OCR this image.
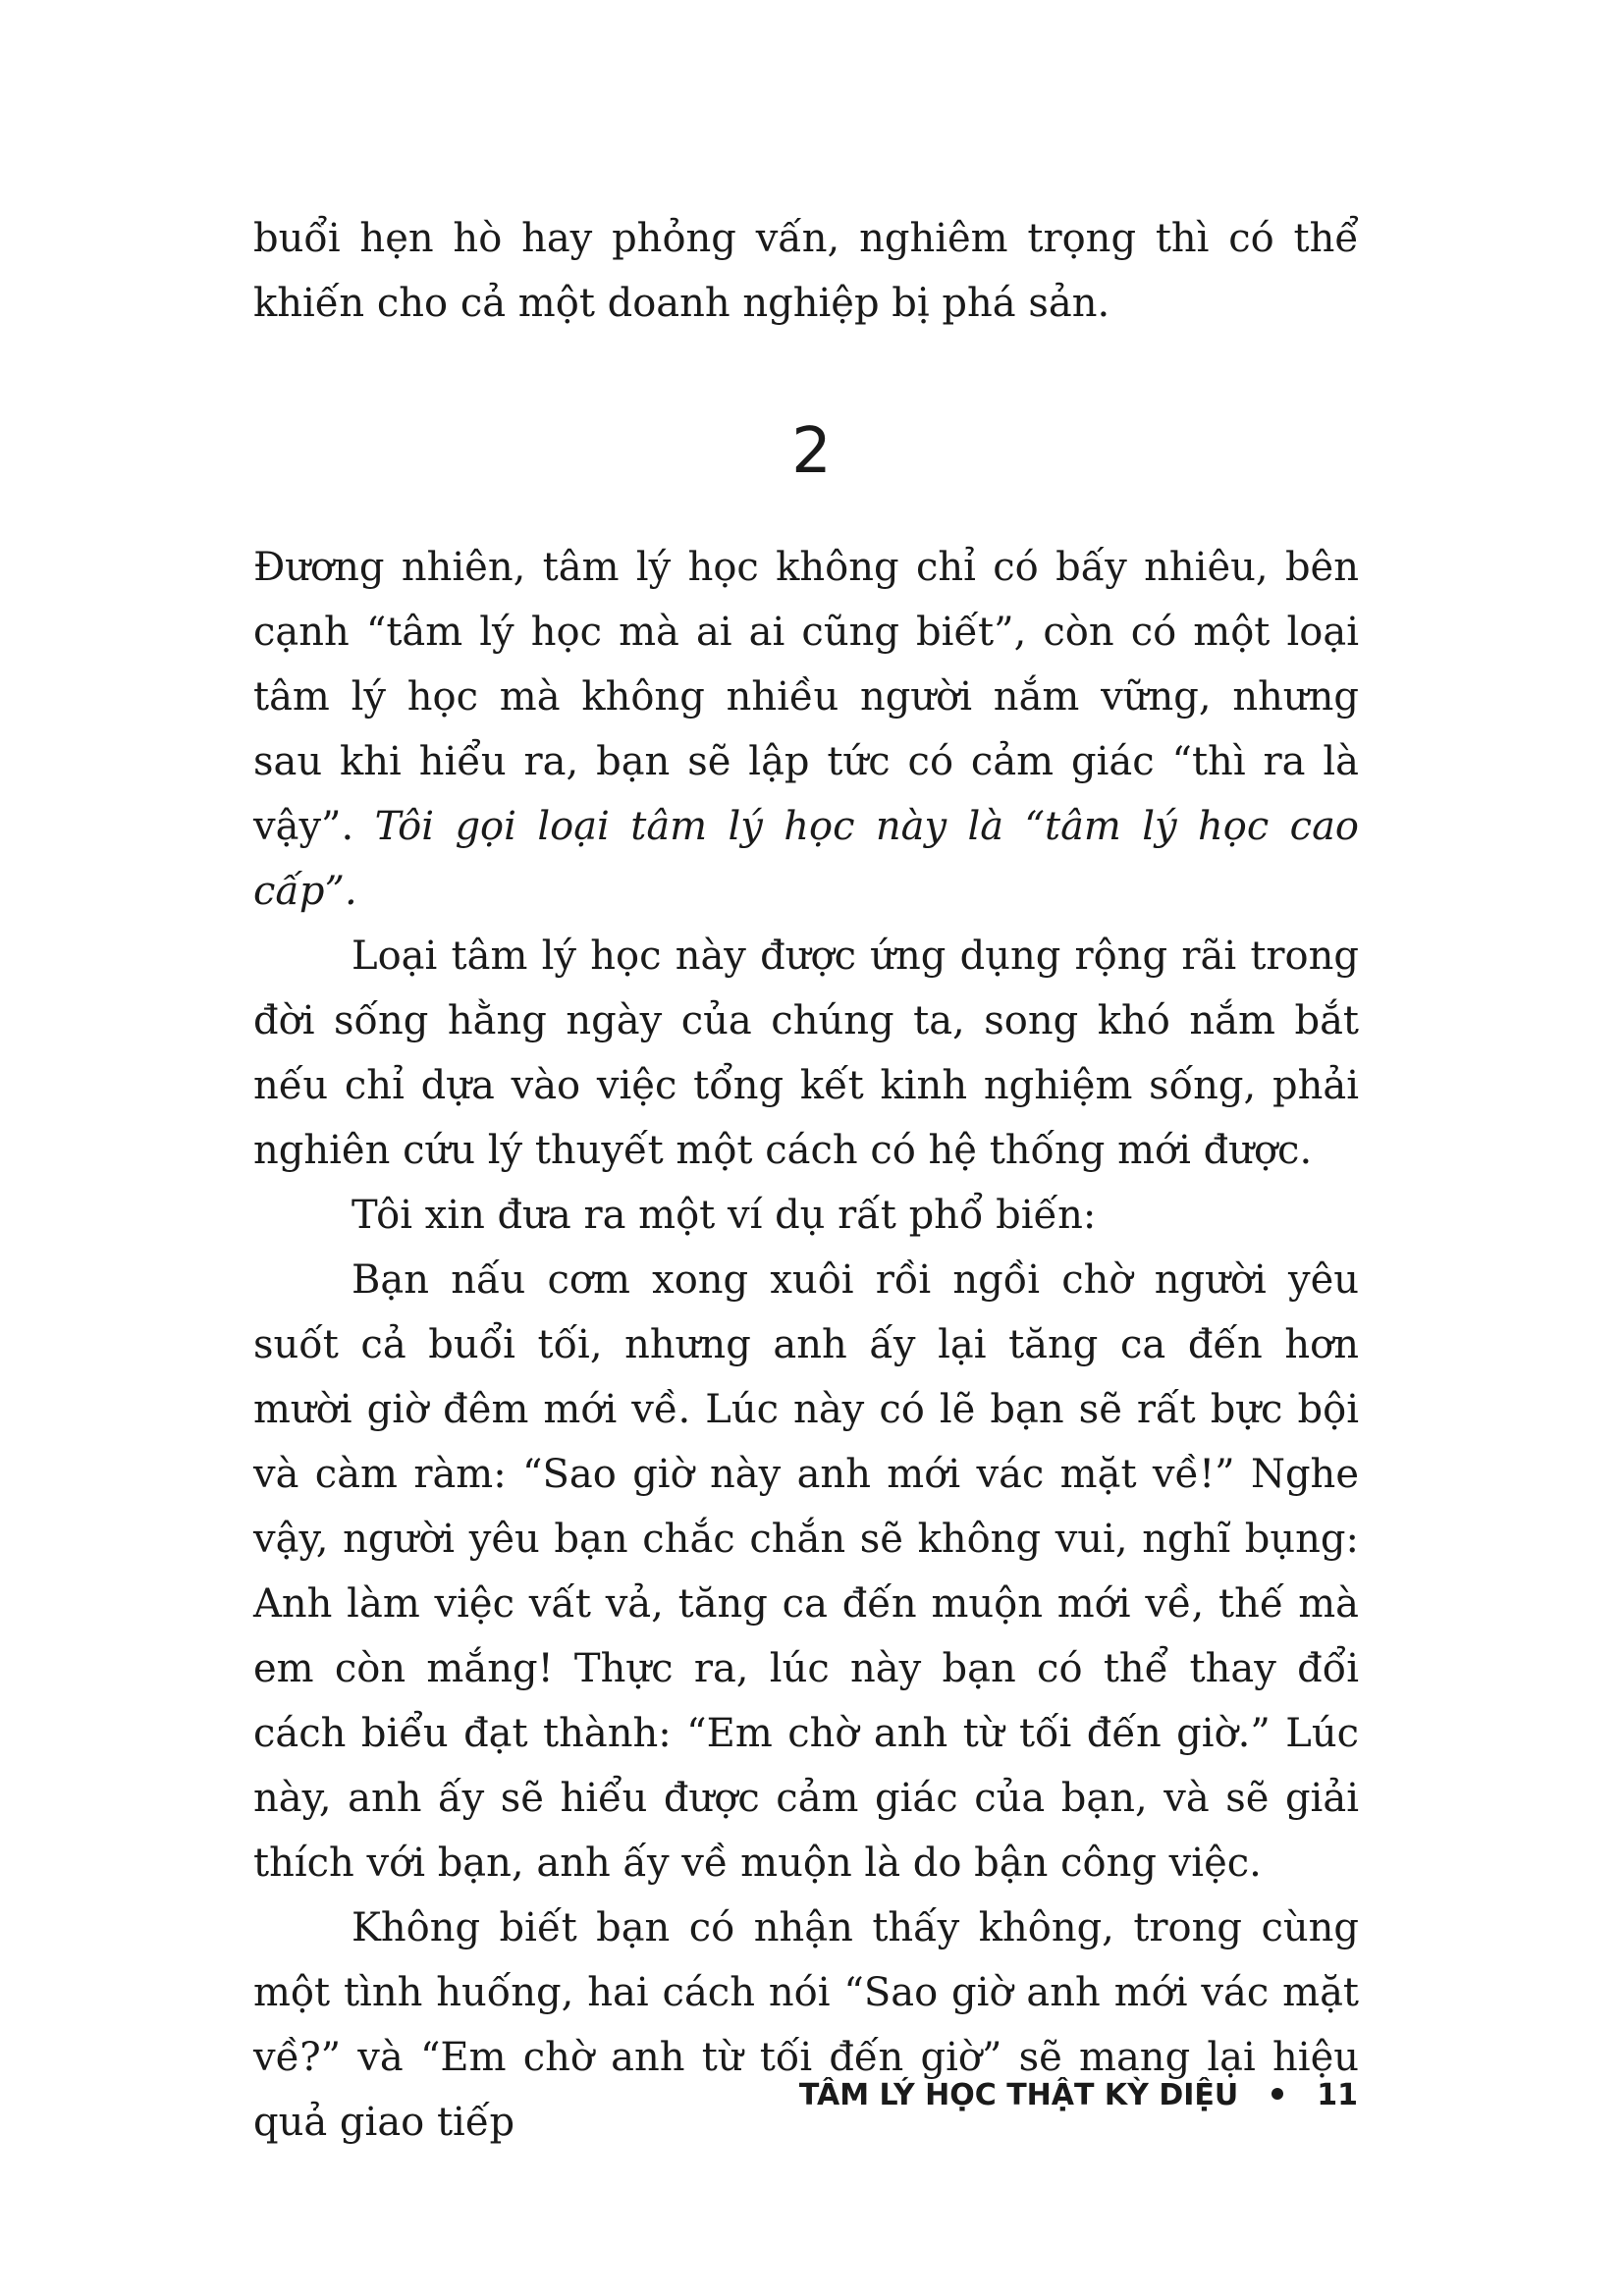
buổi hẹn hò hay phỏng vấn, nghiêm trọng thì có thể khiến cho cả một doanh nghiệp bị phá sản.

2

Đương nhiên, tâm lý học không chỉ có bấy nhiêu, bên cạnh “tâm lý học mà ai ai cũng biết”, còn có một loại tâm lý học mà không nhiều người nắm vững, nhưng sau khi hiểu ra, bạn sẽ lập tức có cảm giác “thì ra là vậy”. Tôi gọi loại tâm lý học này là “tâm lý học cao cấp”.

Loại tâm lý học này được ứng dụng rộng rãi trong đời sống hằng ngày của chúng ta, song khó nắm bắt nếu chỉ dựa vào việc tổng kết kinh nghiệm sống, phải nghiên cứu lý thuyết một cách có hệ thống mới được.

Tôi xin đưa ra một ví dụ rất phổ biến:

Bạn nấu cơm xong xuôi rồi ngồi chờ người yêu suốt cả buổi tối, nhưng anh ấy lại tăng ca đến hơn mười giờ đêm mới về. Lúc này có lẽ bạn sẽ rất bực bội và càm ràm: “Sao giờ này anh mới vác mặt về!” Nghe vậy, người yêu bạn chắc chắn sẽ không vui, nghĩ bụng: Anh làm việc vất vả, tăng ca đến muộn mới về, thế mà em còn mắng! Thực ra, lúc này bạn có thể thay đổi cách biểu đạt thành: “Em chờ anh từ tối đến giờ.” Lúc này, anh ấy sẽ hiểu được cảm giác của bạn, và sẽ giải thích với bạn, anh ấy về muộn là do bận công việc.

Không biết bạn có nhận thấy không, trong cùng một tình huống, hai cách nói “Sao giờ anh mới vác mặt về?” và “Em chờ anh từ tối đến giờ” sẽ mang lại hiệu quả giao tiếp

TÂM LÝ HỌC THẬT KỲ DIỆU	11
